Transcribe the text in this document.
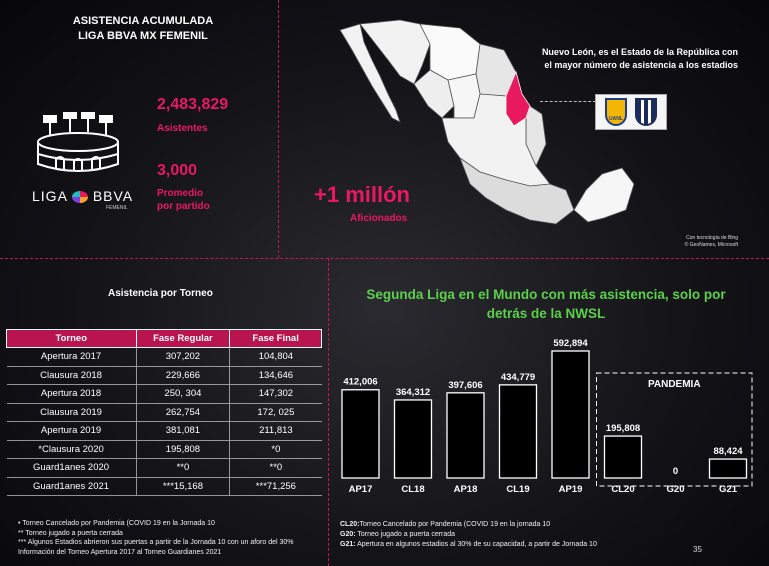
ASISTENCIA ACUMULADA
LIGA BBVA MX FEMENIL
LIGA BBVA
FEMENIL
2,483,829
Asistentes
3,000
Promedio
por partido	+1 millón
Aficionados
Nuevo León, es el Estado de la República con
el mayor número de asistencia a los estadios
UANL
Con tecnología de Bing
© GeoNames, Microsoft
Asistencia por Torneo
Torneo	Fase Regular	Fase Final
Apertura 2017	307,202	104,804
Clausura 2018	229,666	134,646
Apertura 2018	250, 304	147,302
Clausura 2019	262,754	172, 025
Apertura 2019	381,081	211,813
*Clausura 2020	195,808	*0
Guard1anes 2020	**0	**0
Guard1anes 2021	***15,168	***71,256
• Torneo Cancelado por Pandemia (COVID 19 en la Jornada 10
** Torneo jugado a puerta cerrada
*** Algunos Estadios abrieron sus puertas a partir de la Jornada 10 con un aforo del 30%
Información del Torneo Apertura 2017 al Torneo Guardianes 2021
Segunda Liga en el Mundo con más asistencia, solo por
detrás de la NWSL
PANDEMIA
412,006
AP17
364,312
CL18
397,606
AP18
434,779
CL19
592,894
AP19
195,808
CL20
0
G20
88,424
G21
CL20:Torneo Cancelado por Pandemia (COVID 19 en la jornada 10
G20: Torneo jugado a puerta cerrada
G21: Apertura en algunos estadios al 30% de su capacidad, a partir de Jornada 10
35
